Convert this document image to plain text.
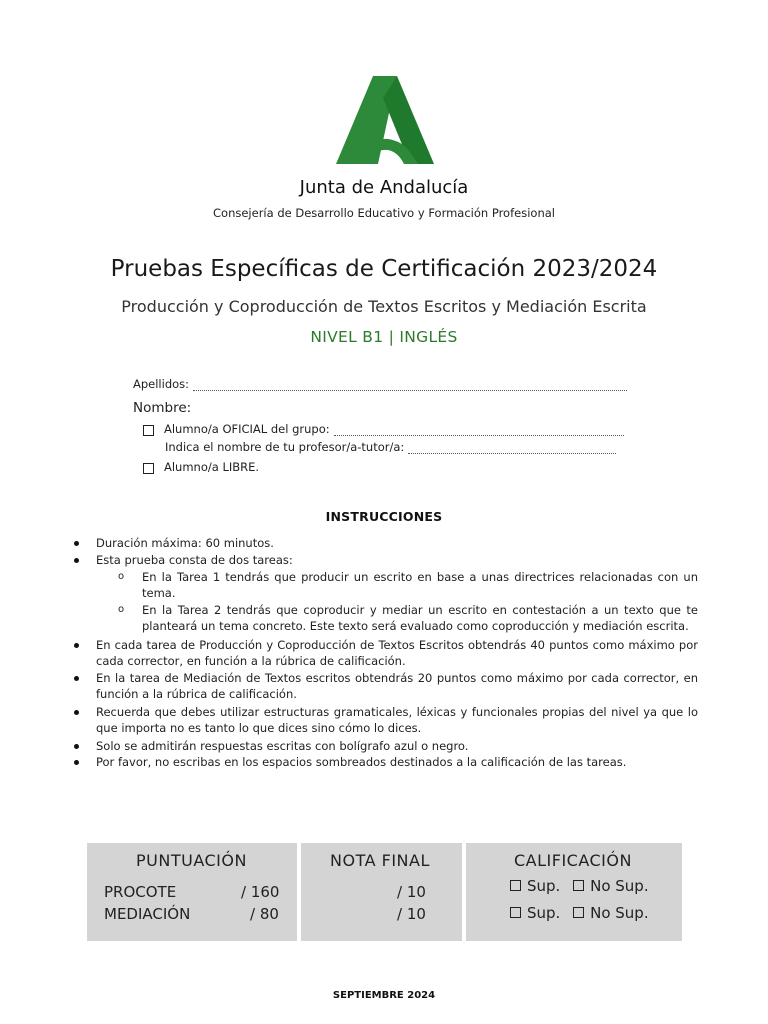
Junta de Andalucía
Consejería de Desarrollo Educativo y Formación Profesional
Pruebas Específicas de Certificación 2023/2024
Producción y Coproducción de Textos Escritos y Mediación Escrita
NIVEL B1 | INGLÉS
Apellidos:
Nombre:
Alumno/a OFICIAL del grupo:
Indica el nombre de tu profesor/a-tutor/a:
Alumno/a LIBRE.
INSTRUCCIONES
Duración máxima: 60 minutos.
Esta prueba consta de dos tareas:
o En la Tarea 1 tendrás que producir un escrito en base a unas directrices relacionadas con un tema.
o En la Tarea 2 tendrás que coproducir y mediar un escrito en contestación a un texto que te planteará un tema concreto. Este texto será evaluado como coproducción y mediación escrita.
En cada tarea de Producción y Coproducción de Textos Escritos obtendrás 40 puntos como máximo por cada corrector, en función a la rúbrica de calificación.
En la tarea de Mediación de Textos escritos obtendrás 20 puntos como máximo por cada corrector, en función a la rúbrica de calificación.
Recuerda que debes utilizar estructuras gramaticales, léxicas y funcionales propias del nivel ya que lo que importa no es tanto lo que dices sino cómo lo dices.
Solo se admitirán respuestas escritas con bolígrafo azul o negro.
Por favor, no escribas en los espacios sombreados destinados a la calificación de las tareas.
PUNTUACIÓN
PROCOTE	/ 160
MEDIACIÓN	/ 80
NOTA FINAL
/ 10
/ 10
CALIFICACIÓN
Sup. No Sup.
Sup. No Sup.
SEPTIEMBRE 2024
